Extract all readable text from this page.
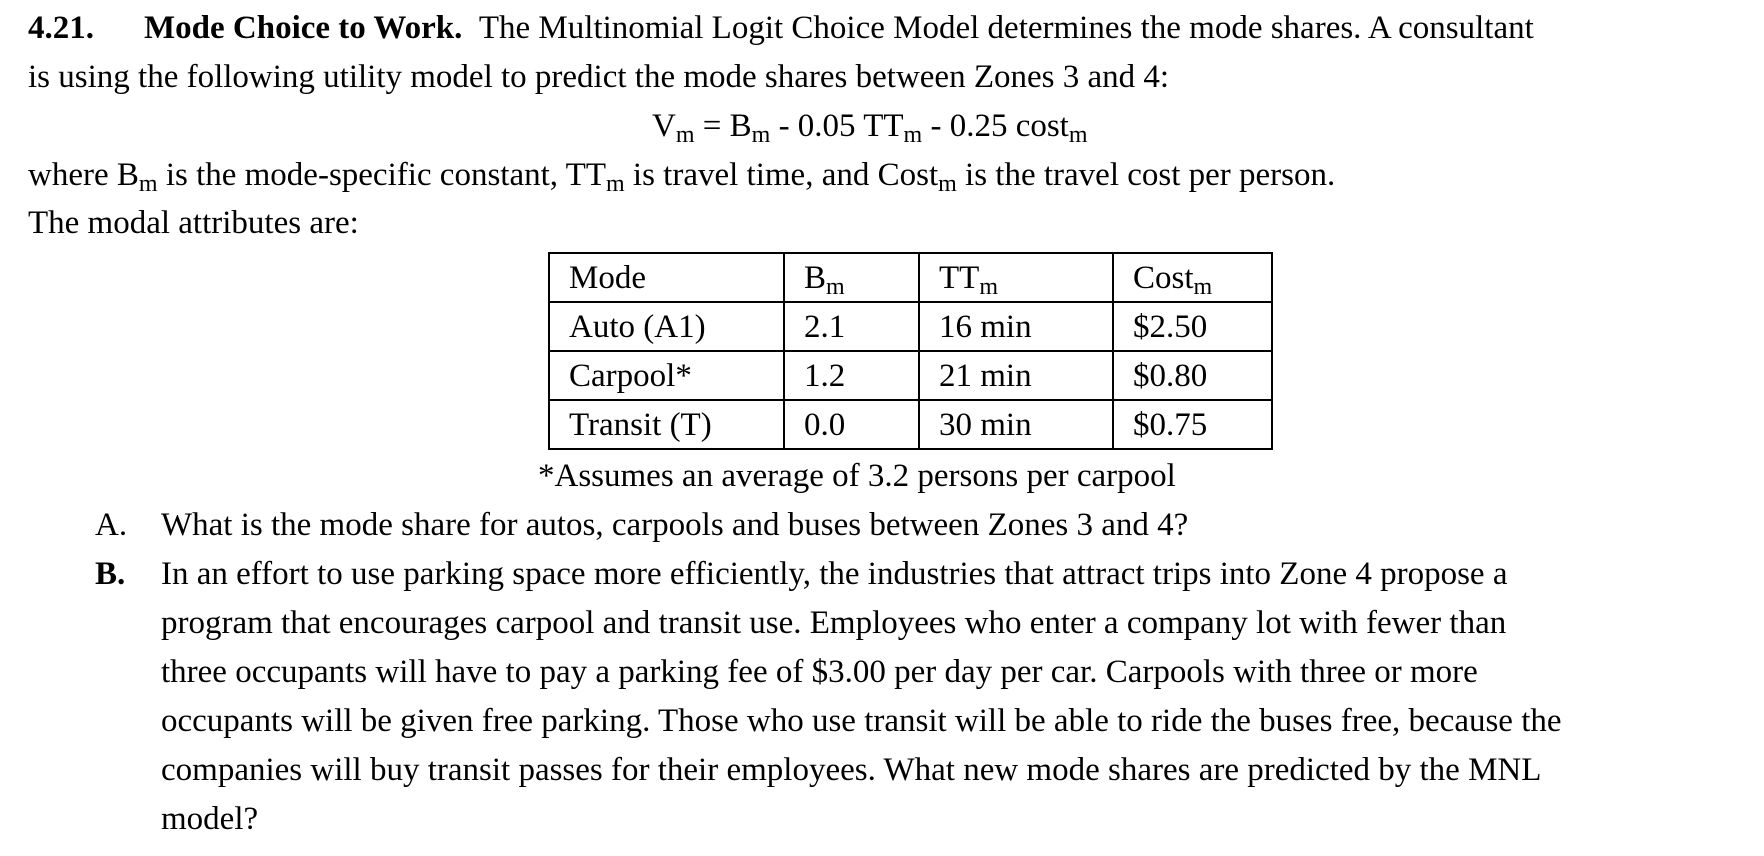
4.21. Mode Choice to Work. The Multinomial Logit Choice Model determines the mode shares. A consultant
is using the following utility model to predict the mode shares between Zones 3 and 4:
$V_m = B_m - 0.05$ $TT_m - 0.25$ cost$_m$
where $B_m$ is the mode-specific constant, $TT_m$ is travel time, and Cost$_m$ is the travel cost per person.
The modal attributes are:
Mode	$B_m$	$TT_m$	Cost$_m$
Auto (A1)	2.1	16 min	$2.50
Carpool*	1.2	21 min	$0.80
Transit (T)	0.0	30 min	$0.75
*Assumes an average of 3.2 persons per carpool
A. What is the mode share for autos, carpools and buses between Zones 3 and 4?
B. In an effort to use parking space more efficiently, the industries that attract trips into Zone 4 propose a
program that encourages carpool and transit use. Employees who enter a company lot with fewer than
three occupants will have to pay a parking fee of $3.00 per day per car. Carpools with three or more
occupants will be given free parking. Those who use transit will be able to ride the buses free, because the
companies will buy transit passes for their employees. What new mode shares are predicted by the MNL
model?
